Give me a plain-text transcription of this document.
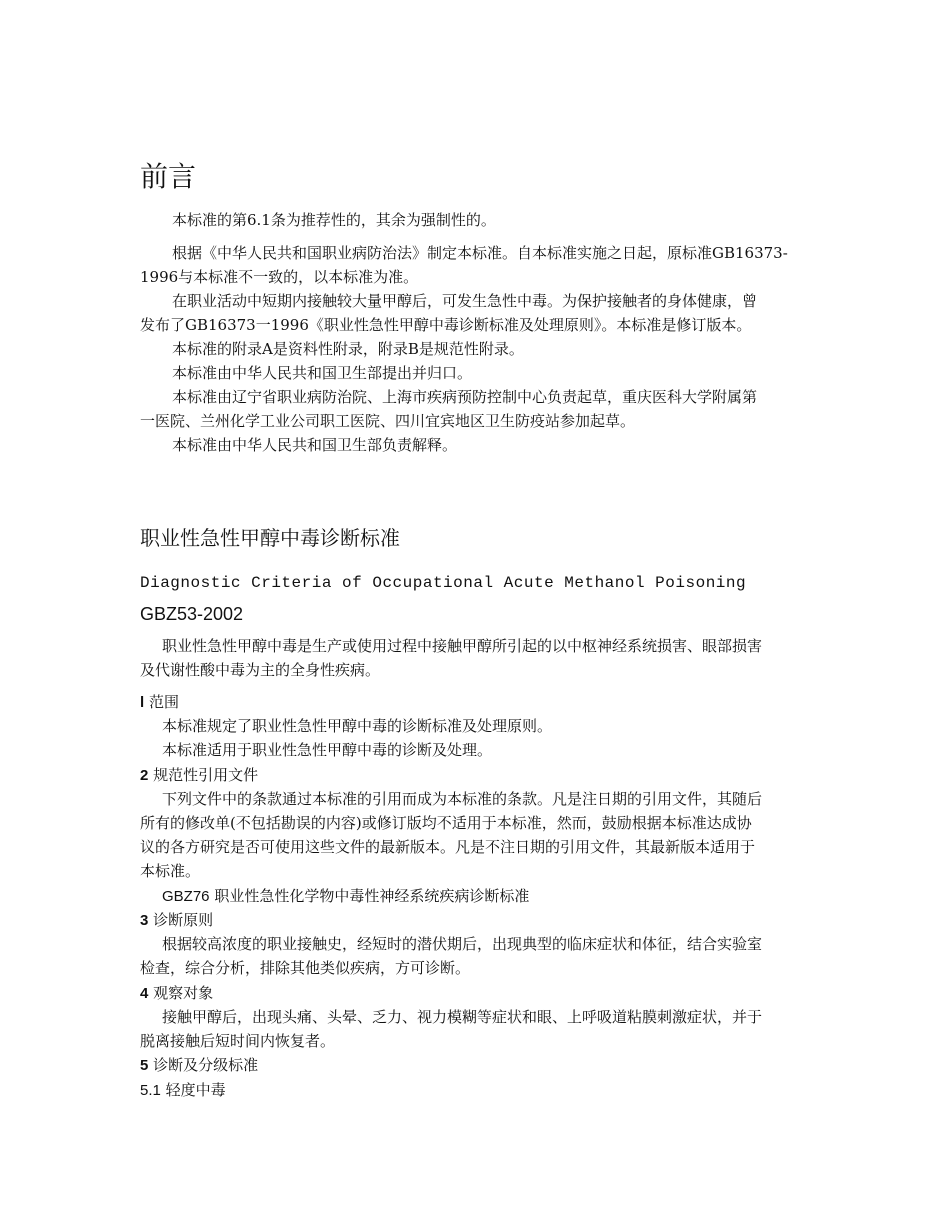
前言

本标准的第6.1条为推荐性的，其余为强制性的。

根据《中华人民共和国职业病防治法》制定本标准。自本标准实施之日起，原标准GB16373-

1996与本标准不一致的，以本标准为准。

在职业活动中短期内接触较大量甲醇后，可发生急性中毒。为保护接触者的身体健康，曾

发布了GB16373一1996《职业性急性甲醇中毒诊断标准及处理原则》。本标准是修订版本。

本标准的附录A是资料性附录，附录B是规范性附录。

本标准由中华人民共和国卫生部提出并归口。

本标准由辽宁省职业病防治院、上海市疾病预防控制中心负责起草，重庆医科大学附属第

一医院、兰州化学工业公司职工医院、四川宜宾地区卫生防疫站参加起草。

本标准由中华人民共和国卫生部负责解释。

职业性急性甲醇中毒诊断标准

Diagnostic Criteria of Occupational Acute Methanol Poisoning

GBZ53-2002

职业性急性甲醇中毒是生产或使用过程中接触甲醇所引起的以中枢神经系统损害、眼部损害

及代谢性酸中毒为主的全身性疾病。

l 范围

本标准规定了职业性急性甲醇中毒的诊断标准及处理原则。

本标准适用于职业性急性甲醇中毒的诊断及处理。

2 规范性引用文件

下列文件中的条款通过本标准的引用而成为本标准的条款。凡是注日期的引用文件，其随后

所有的修改单(不包括勘误的内容)或修订版均不适用于本标准，然而，鼓励根据本标准达成协

议的各方研究是否可使用这些文件的最新版本。凡是不注日期的引用文件，其最新版本适用于

本标准。

GBZ76 职业性急性化学物中毒性神经系统疾病诊断标准

3 诊断原则

根据较高浓度的职业接触史，经短时的潜伏期后，出现典型的临床症状和体征，结合实验室

检查，综合分析，排除其他类似疾病，方可诊断。

4 观察对象

接触甲醇后，出现头痛、头晕、乏力、视力模糊等症状和眼、上呼吸道粘膜刺激症状，并于

脱离接触后短时间内恢复者。

5 诊断及分级标准

5.1 轻度中毒
